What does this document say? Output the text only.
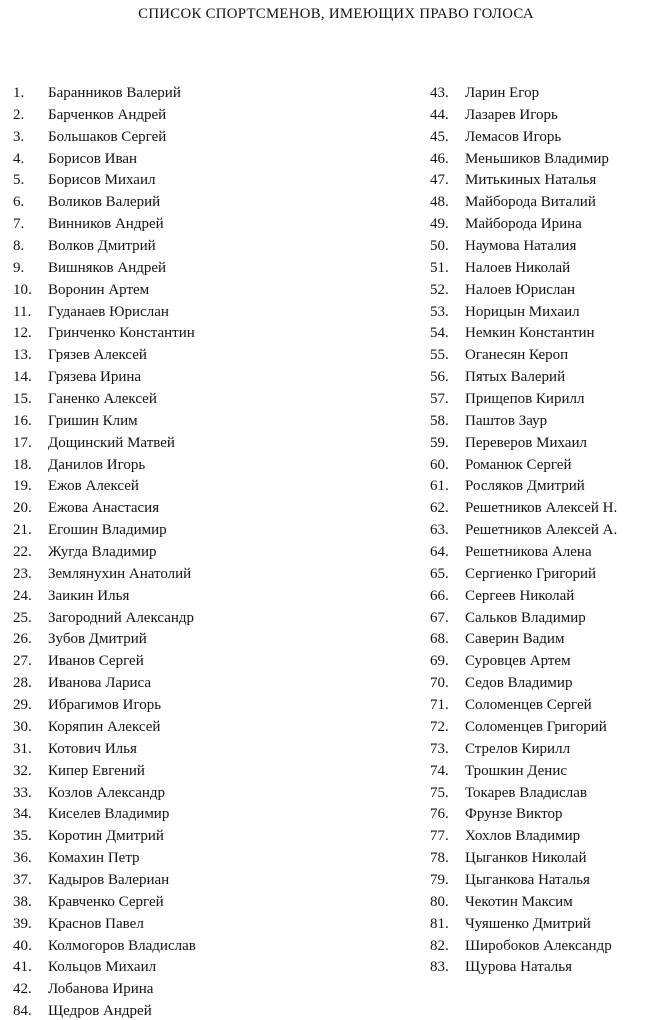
СПИСОК СПОРТСМЕНОВ, ИМЕЮЩИХ ПРАВО ГОЛОСА
1.	Баранников Валерий
2.	Барченков Андрей
3.	Большаков Сергей
4.	Борисов Иван
5.	Борисов Михаил
6.	Воликов Валерий
7.	Винников Андрей
8.	Волков Дмитрий
9.	Вишняков Андрей
10.	Воронин Артем
11.	Гуданаев Юрислан
12.	Гринченко Константин
13.	Грязев Алексей
14.	Грязева Ирина
15.	Ганенко Алексей
16.	Гришин Клим
17.	Дощинский Матвей
18.	Данилов Игорь
19.	Ежов Алексей
20.	Ежова Анастасия
21.	Егошин Владимир
22.	Жугда Владимир
23.	Землянухин Анатолий
24.	Заикин Илья
25.	Загородний Александр
26.	Зубов Дмитрий
27.	Иванов Сергей
28.	Иванова Лариса
29.	Ибрагимов Игорь
30.	Коряпин Алексей
31.	Котович Илья
32.	Кипер Евгений
33.	Козлов Александр
34.	Киселев Владимир
35.	Коротин Дмитрий
36.	Комахин Петр
37.	Кадыров Валериан
38.	Кравченко Сергей
39.	Краснов Павел
40.	Колмогоров Владислав
41.	Кольцов Михаил
42.	Лобанова Ирина
84.	Щедров Андрей
43.	Ларин Егор
44.	Лазарев Игорь
45.	Лемасов Игорь
46.	Меньшиков Владимир
47.	Митькиных Наталья
48.	Майборода Виталий
49.	Майборода Ирина
50.	Наумова Наталия
51.	Налоев Николай
52.	Налоев Юрислан
53.	Норицын Михаил
54.	Немкин Константин
55.	Оганесян Кероп
56.	Пятых Валерий
57.	Прищепов Кирилл
58.	Паштов Заур
59.	Переверов Михаил
60.	Романюк Сергей
61.	Росляков Дмитрий
62.	Решетников Алексей Н.
63.	Решетников Алексей А.
64.	Решетникова Алена
65.	Сергиенко Григорий
66.	Сергеев Николай
67.	Сальков Владимир
68.	Саверин Вадим
69.	Суровцев Артем
70.	Седов Владимир
71.	Соломенцев Сергей
72.	Соломенцев Григорий
73.	Стрелов Кирилл
74.	Трошкин Денис
75.	Токарев Владислав
76.	Фрунзе Виктор
77.	Хохлов Владимир
78.	Цыганков Николай
79.	Цыганкова Наталья
80.	Чекотин Максим
81.	Чуяшенко Дмитрий
82.	Широбоков Александр
83.	Щурова Наталья
